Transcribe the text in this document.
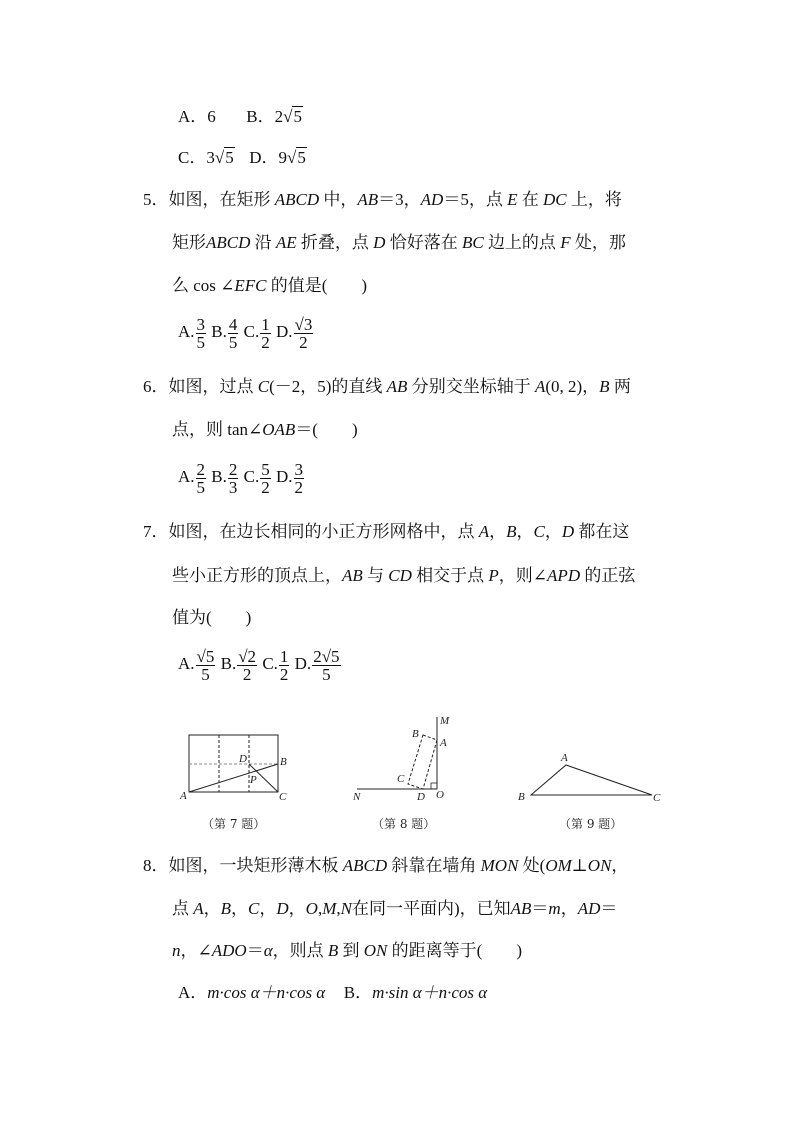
A．6 B．2√5
C．3√5 D．9√5
5．如图，在矩形 ABCD 中，AB＝3，AD＝5，点 E 在 DC 上，将
矩形ABCD 沿 AE 折叠，点 D 恰好落在 BC 边上的点 F 处，那
么 cos ∠EFC 的值是(　　)
A. $\frac{3}{5} B$. $\frac{4}{5} C$. $\frac{1}{2} D$. $\frac{√3}{2}$
6．如图，过点 C(－2，5)的直线 AB 分别交坐标轴于 A(0, 2)，B 两
点，则 tan∠OAB＝(　　)
A. $\frac{2}{5} B$. $\frac{2}{3} C$. $\frac{5}{2} D$. $\frac{3}{2}$
7．如图，在边长相同的小正方形网格中，点 A，B，C，D 都在这
些小正方形的顶点上，AB 与 CD 相交于点 P，则∠APD 的正弦
值为(　　)
A. $\frac{√5}{5} B$. $\frac{√2}{2} C$. $\frac{1}{2} D$. $\frac{2√5}{5}$
A
B
C
D
P
（第 7 题）
M
A
B
C
D O
N
（第 8 题）
A
B	C
（第 9 题）
8．如图，一块矩形薄木板 ABCD 斜靠在墙角 MON 处(OM⊥ON，
点 A，B，C，D，O,M,N在同一平面内)，已知AB＝m，AD＝
n，∠ADO＝α，则点 B 到 ON 的距离等于(　　)
A．m·cos α＋n·cos α B．m·sin α＋n·cos α
